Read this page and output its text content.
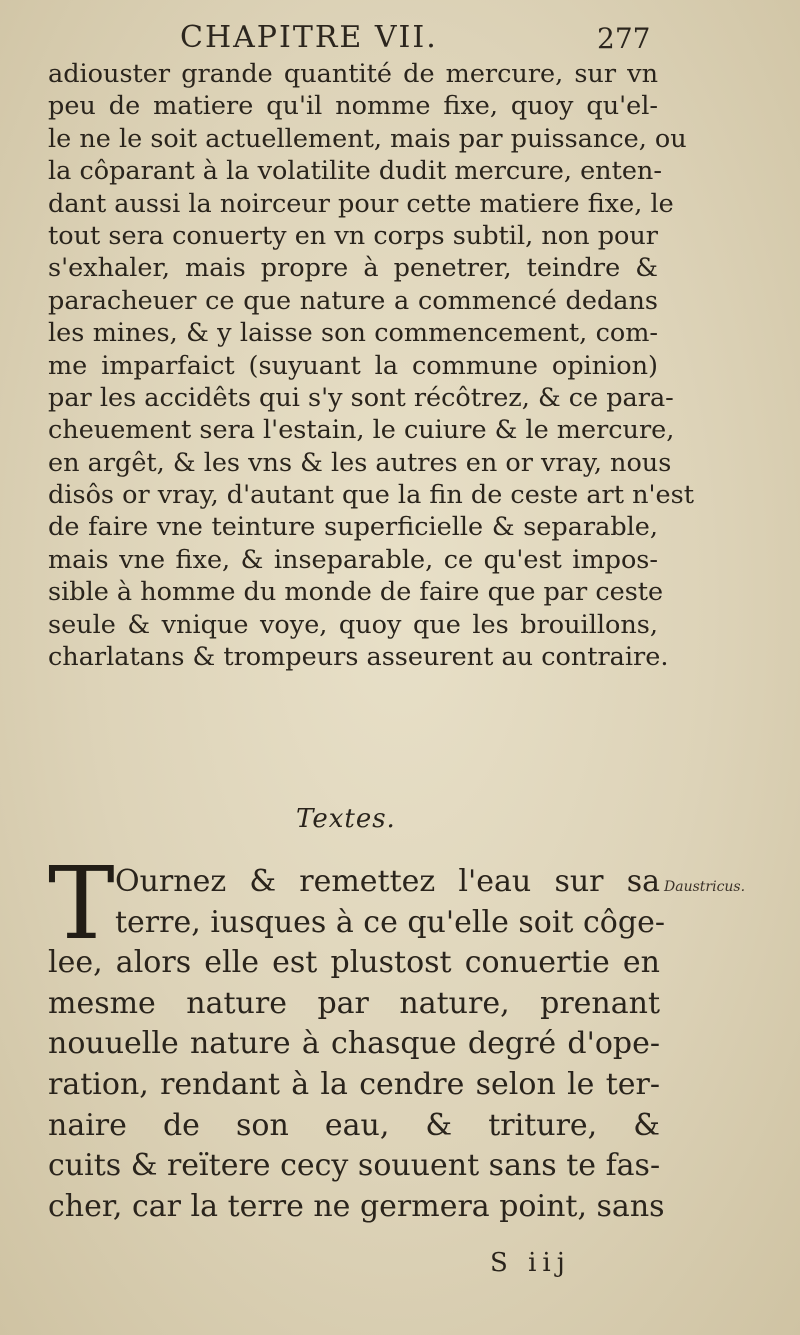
CHAPITRE VII.	277
adiouster grande quantité de mercure, sur vn
peu de matiere qu'il nomme fixe, quoy qu'el-
le ne le soit actuellement, mais par puissance, ou
la côparant à la volatilite dudit mercure, enten-
dant aussi la noirceur pour cette matiere fixe, le
tout sera conuerty en vn corps subtil, non pour
s'exhaler, mais propre à penetrer, teindre &
paracheuer ce que nature a commencé dedans
les mines, & y laisse son commencement, com-
me imparfaict (suyuant la commune opinion)
par les accidêts qui s'y sont récôtrez, & ce para-
cheuement sera l'estain, le cuiure & le mercure,
en argêt, & les vns & les autres en or vray, nous
disôs or vray, d'autant que la fin de ceste art n'est
de faire vne teinture superficielle & separable,
mais vne fixe, & inseparable, ce qu'est impos-
sible à homme du monde de faire que par ceste
seule & vnique voye, quoy que les brouillons,
charlatans & trompeurs asseurent au contraire.
Textes.
T Ournez & remettez l'eau sur sa
terre, iusques à ce qu'elle soit côge-
lee, alors elle est plustost conuertie en
mesme nature par nature, prenant
nouuelle nature à chasque degré d'ope-
ration, rendant à la cendre selon le ter-
naire de son eau, & triture, &
cuits & reïtere cecy souuent sans te fas-
cher, car la terre ne germera point, sans
Daustricus.
S iij
